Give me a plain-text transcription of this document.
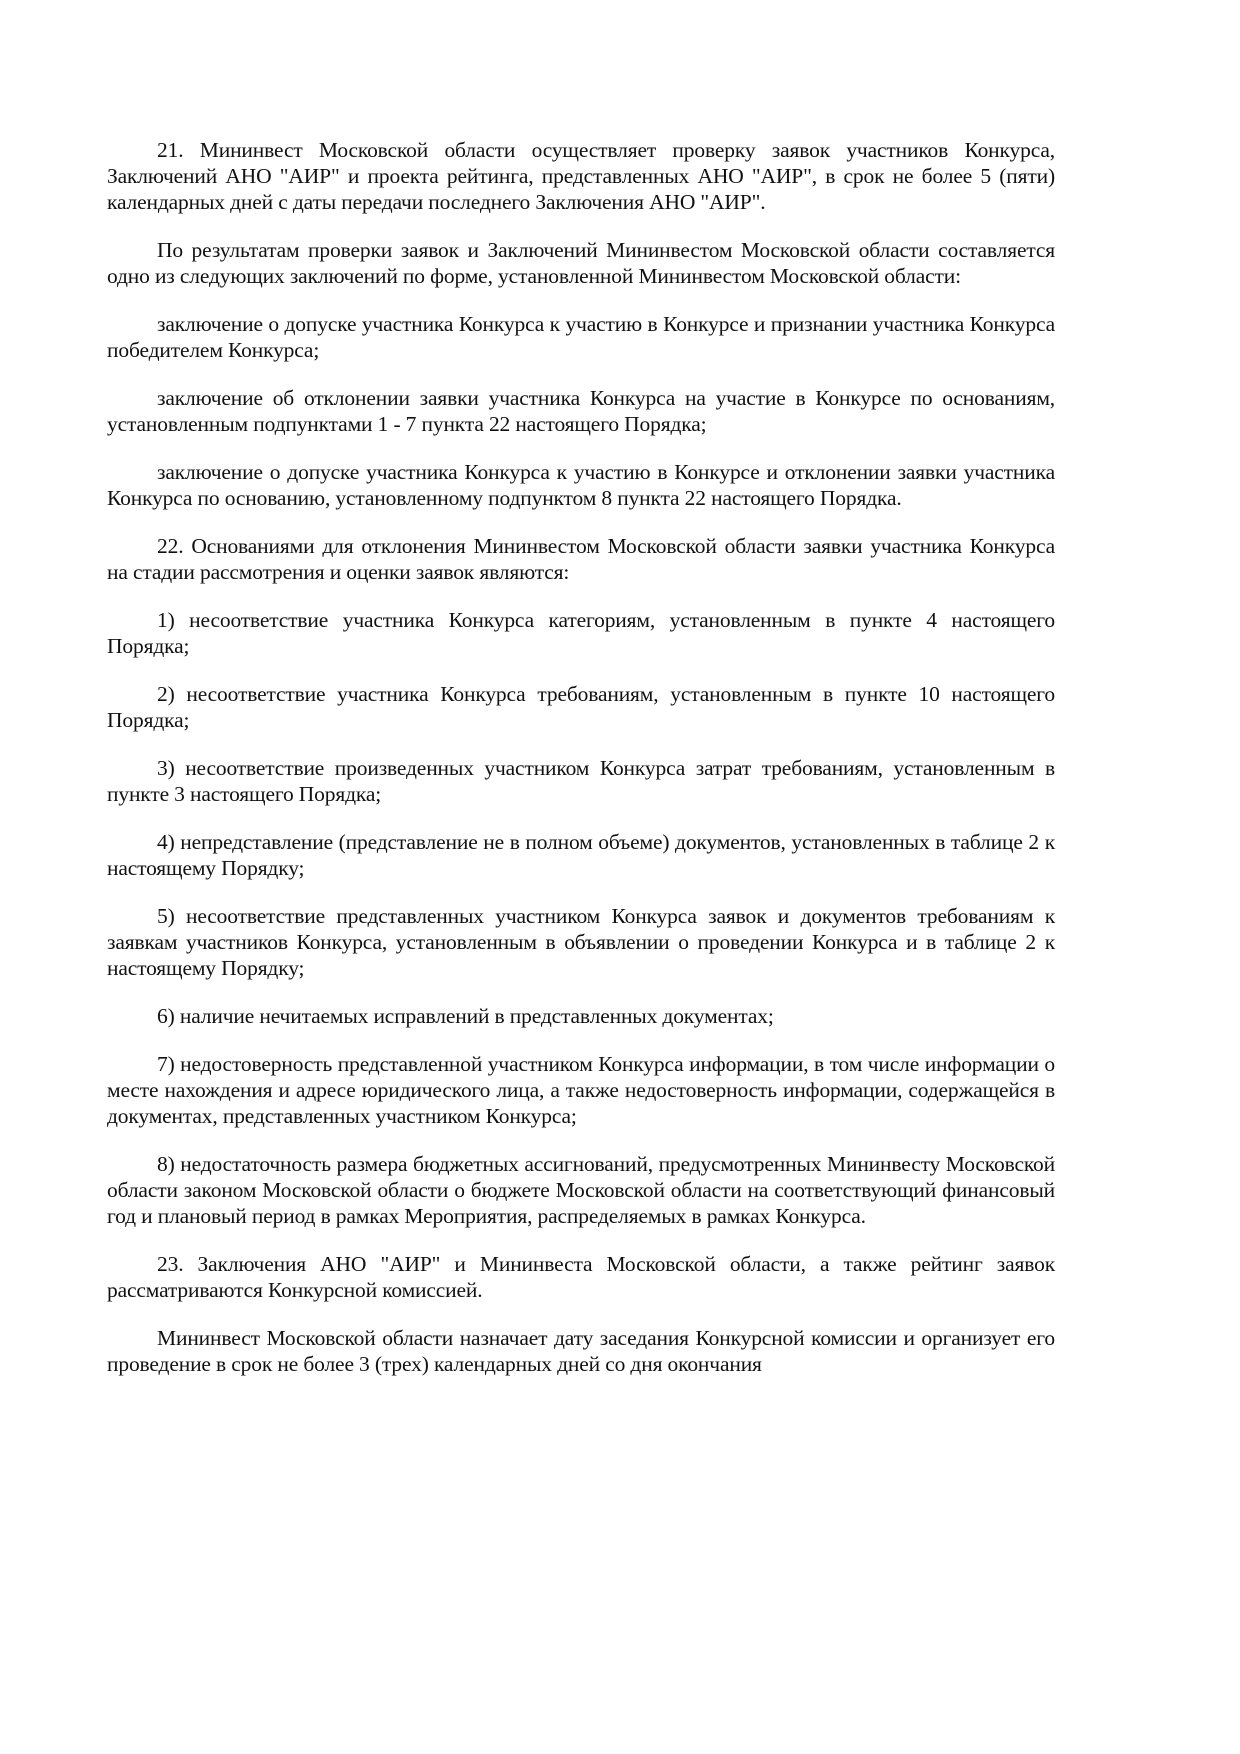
21. Мининвест Московской области осуществляет проверку заявок участников Конкурса, Заключений АНО "АИР" и проекта рейтинга, представленных АНО "АИР", в срок не более 5 (пяти) календарных дней с даты передачи последнего Заключения АНО "АИР".

По результатам проверки заявок и Заключений Мининвестом Московской области составляется одно из следующих заключений по форме, установленной Мининвестом Московской области:

заключение о допуске участника Конкурса к участию в Конкурсе и признании участника Конкурса победителем Конкурса;

заключение об отклонении заявки участника Конкурса на участие в Конкурсе по основаниям, установленным подпунктами 1 - 7 пункта 22 настоящего Порядка;

заключение о допуске участника Конкурса к участию в Конкурсе и отклонении заявки участника Конкурса по основанию, установленному подпунктом 8 пункта 22 настоящего Порядка.

22. Основаниями для отклонения Мининвестом Московской области заявки участника Конкурса на стадии рассмотрения и оценки заявок являются:

1) несоответствие участника Конкурса категориям, установленным в пункте 4 настоящего Порядка;

2) несоответствие участника Конкурса требованиям, установленным в пункте 10 настоящего Порядка;

3) несоответствие произведенных участником Конкурса затрат требованиям, установленным в пункте 3 настоящего Порядка;

4) непредставление (представление не в полном объеме) документов, установленных в таблице 2 к настоящему Порядку;

5) несоответствие представленных участником Конкурса заявок и документов требованиям к заявкам участников Конкурса, установленным в объявлении о проведении Конкурса и в таблице 2 к настоящему Порядку;

6) наличие нечитаемых исправлений в представленных документах;

7) недостоверность представленной участником Конкурса информации, в том числе информации о месте нахождения и адресе юридического лица, а также недостоверность информации, содержащейся в документах, представленных участником Конкурса;

8) недостаточность размера бюджетных ассигнований, предусмотренных Мининвесту Московской области законом Московской области о бюджете Московской области на соответствующий финансовый год и плановый период в рамках Мероприятия, распределяемых в рамках Конкурса.

23. Заключения АНО "АИР" и Мининвеста Московской области, а также рейтинг заявок рассматриваются Конкурсной комиссией.

Мининвест Московской области назначает дату заседания Конкурсной комиссии и организует его проведение в срок не более 3 (трех) календарных дней со дня окончания
